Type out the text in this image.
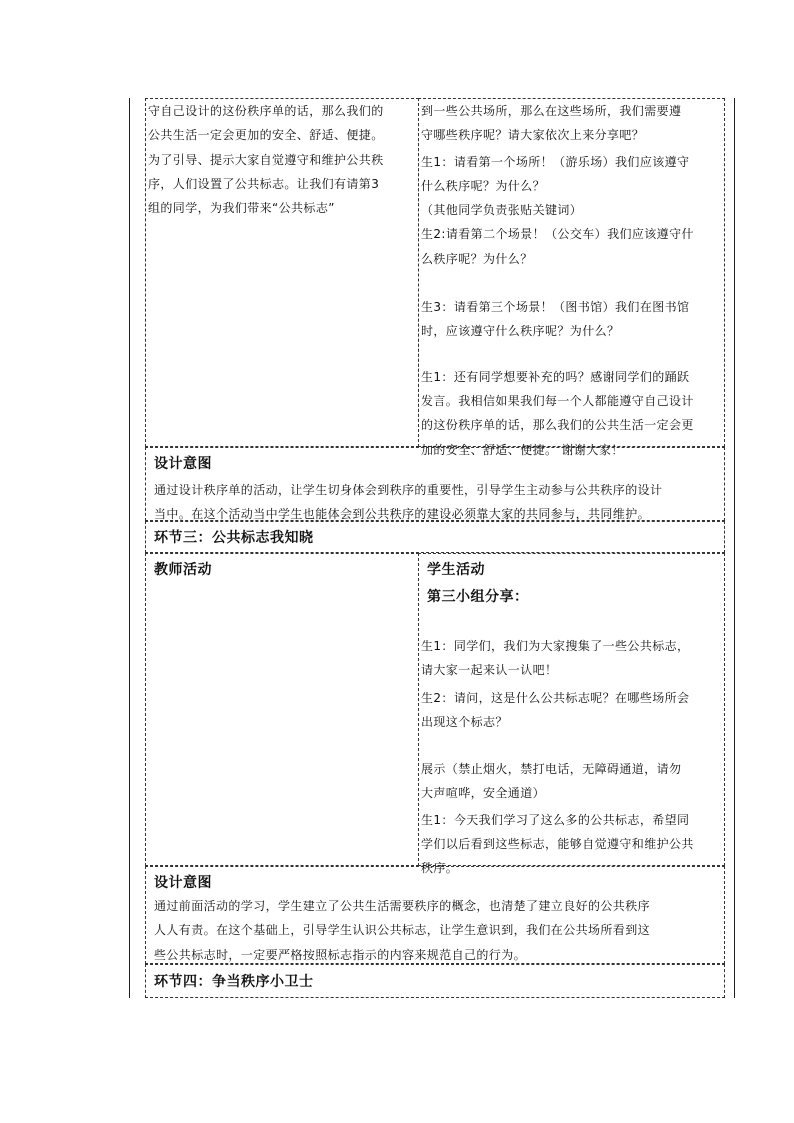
守自己设计的这份秩序单的话，那么我们的
公共生活一定会更加的安全、舒适、便捷。
为了引导、提示大家自觉遵守和维护公共秩
序，人们设置了公共标志。让我们有请第3
组的同学，为我们带来“公共标志”
到一些公共场所，那么在这些场所，我们需要遵
守哪些秩序呢？请大家依次上来分享吧？
生1：请看第一个场所！（游乐场）我们应该遵守
什么秩序呢？为什么？
（其他同学负责张贴关键词）
生2:请看第二个场景！（公交车）我们应该遵守什
么秩序呢？为什么？
生3：请看第三个场景！（图书馆）我们在图书馆
时，应该遵守什么秩序呢？为什么？
生1：还有同学想要补充的吗？感谢同学们的踊跃
发言。我相信如果我们每一个人都能遵守自己设计
的这份秩序单的话，那么我们的公共生活一定会更
加的安全、舒适、便捷。 谢谢大家！
设计意图
通过设计秩序单的活动，让学生切身体会到秩序的重要性，引导学生主动参与公共秩序的设计
当中。在这个活动当中学生也能体会到公共秩序的建设必须靠大家的共同参与，共同维护。
环节三：公共标志我知晓
教师活动	学生活动
第三小组分享：
生1：同学们，我们为大家搜集了一些公共标志，
请大家一起来认一认吧！
生2：请问，这是什么公共标志呢？在哪些场所会
出现这个标志？
展示（禁止烟火，禁打电话，无障碍通道，请勿
大声喧哗，安全通道）
生1：今天我们学习了这么多的公共标志，希望同
学们以后看到这些标志，能够自觉遵守和维护公共
秩序。
设计意图
通过前面活动的学习，学生建立了公共生活需要秩序的概念，也清楚了建立良好的公共秩序
人人有责。在这个基础上，引导学生认识公共标志，让学生意识到，我们在公共场所看到这
些公共标志时，一定要严格按照标志指示的内容来规范自己的行为。
环节四：争当秩序小卫士
